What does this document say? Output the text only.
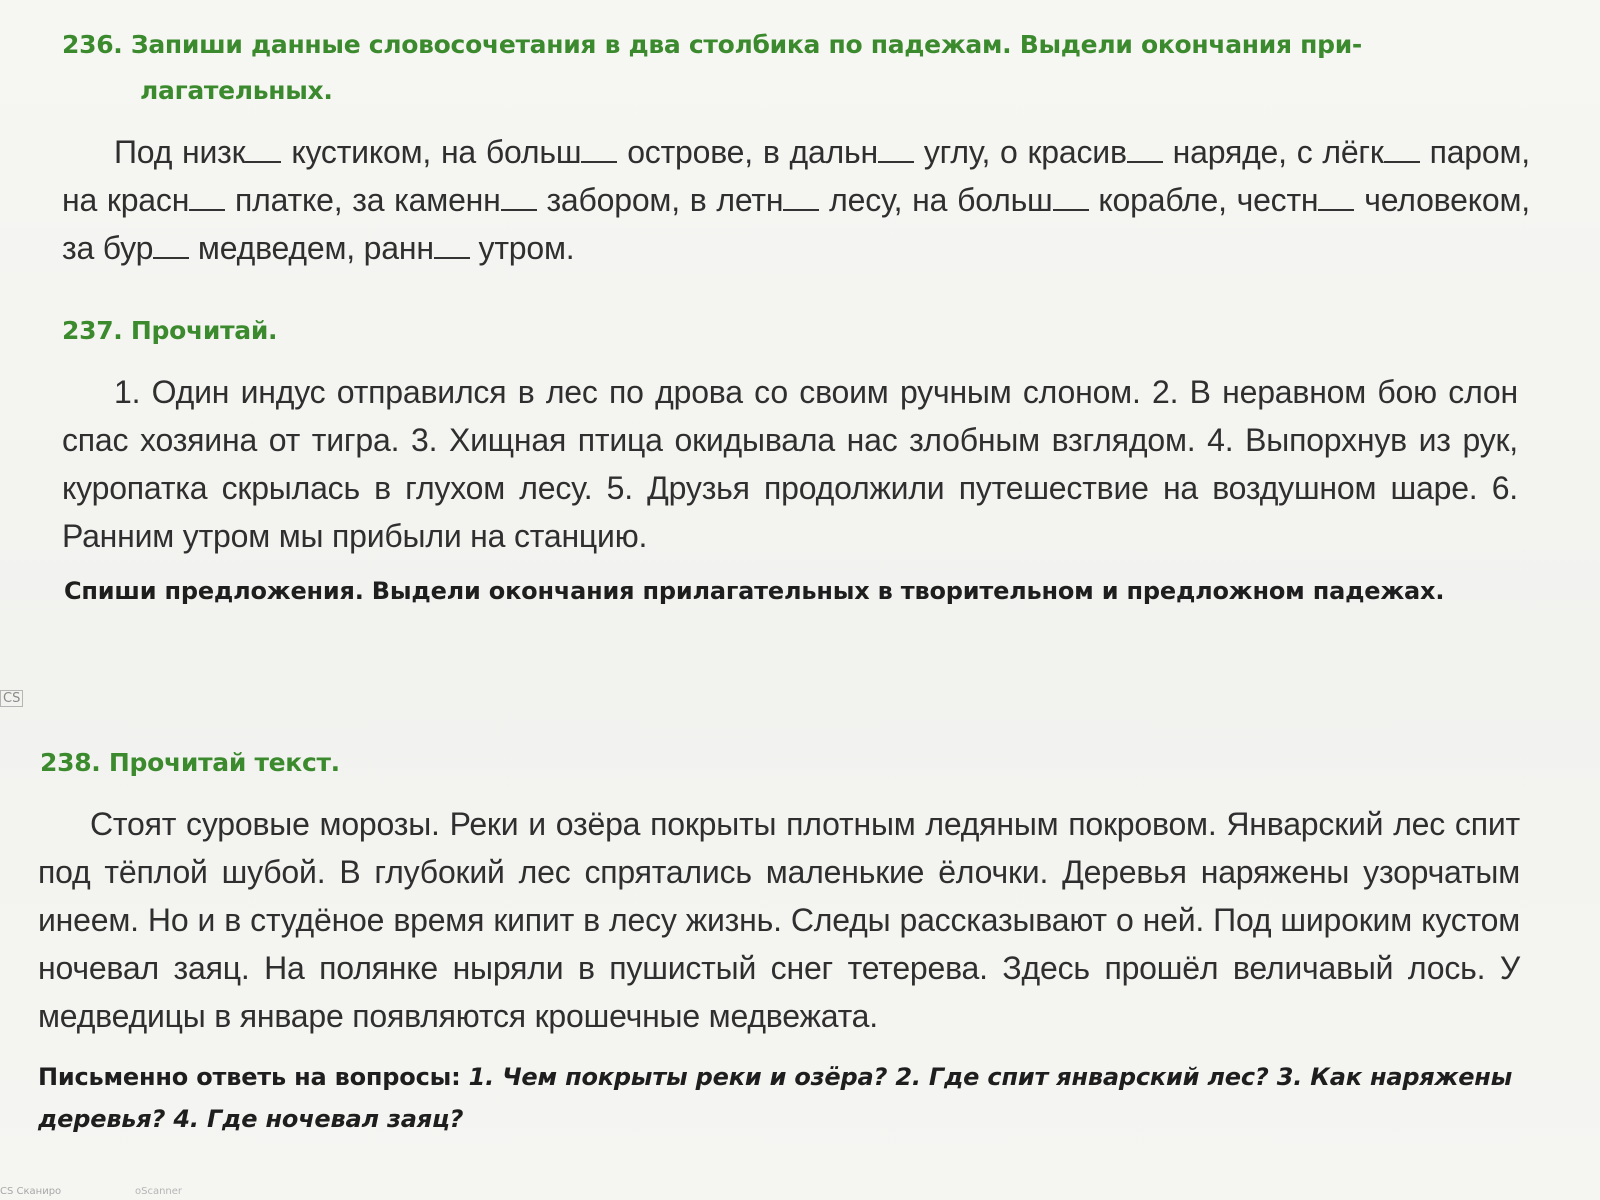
236. Запиши данные словосочетания в два столбика по падежам. Выдели окончания при-
лагательных.

Под низк кустиком, на больш острове, в дальн углу, о красив наряде, с лёгк паром, на красн платке, за каменн забором, в летн лесу, на больш корабле, честн человеком, за бур медведем, ранн утром.

237. Прочитай.

1. Один индус отправился в лес по дрова со своим ручным слоном. 2. В неравном бою слон спас хозяина от тигра. 3. Хищная птица окидывала нас злобным взглядом. 4. Выпорхнув из рук, куропатка скрылась в глухом лесу. 5. Друзья продолжили путешествие на воздушном шаре. 6. Ранним утром мы прибыли на станцию.

Спиши предложения. Выдели окончания прилагательных в творительном и предложном падежах.
CS
238. Прочитай текст.

Стоят суровые морозы. Реки и озёра покрыты плотным ледяным покровом. Январский лес спит под тёплой шубой. В глубокий лес спрятались маленькие ёлочки. Деревья наряжены узорчатым инеем. Но и в студёное время кипит в лесу жизнь. Следы рассказывают о ней. Под широким кустом ночевал заяц. На полянке ныряли в пушистый снег тетерева. Здесь прошёл величавый лось. У медведицы в январе появляются крошечные медвежата.

Письменно ответь на вопросы: 1. Чем покрыты реки и озёра? 2. Где спит январский лес? 3. Как наряжены деревья? 4. Где ночевал заяц?
CS Сканиро	oScanner
